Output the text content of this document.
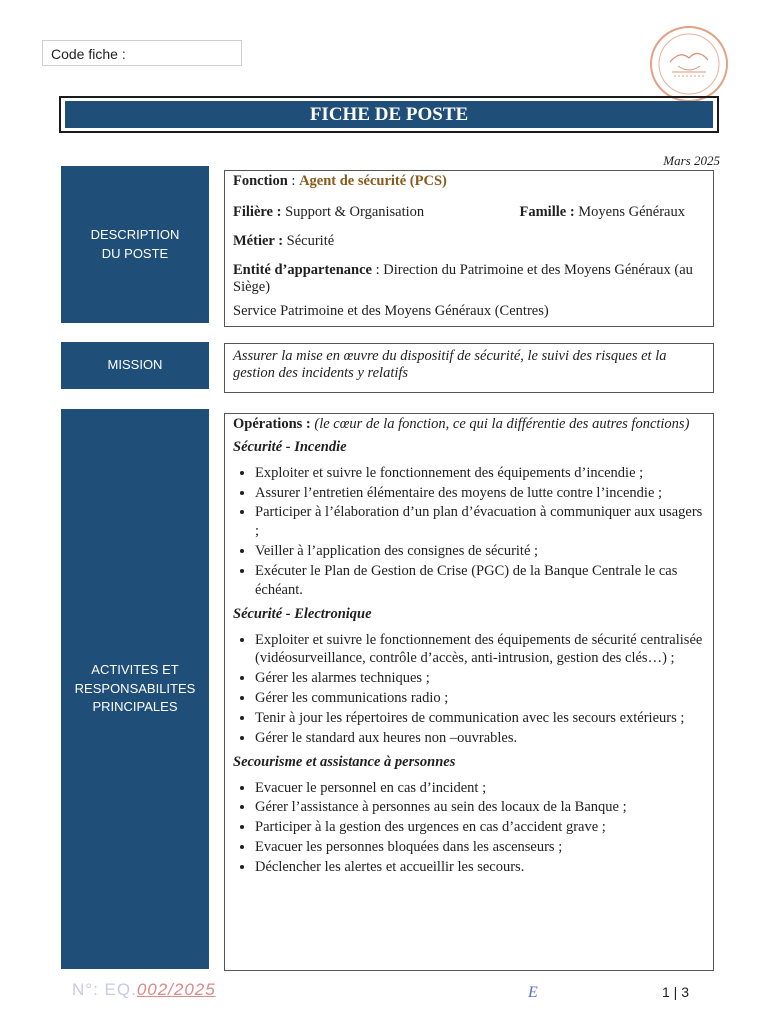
Code fiche :
FICHE DE POSTE
Mars 2025
DESCRIPTION DU POSTE
Fonction : Agent de sécurité (PCS)
Filière : Support & Organisation	Famille : Moyens Généraux
Métier : Sécurité
Entité d’appartenance : Direction du Patrimoine et des Moyens Généraux (au Siège)
Service Patrimoine et des Moyens Généraux (Centres)
MISSION
Assurer la mise en œuvre du dispositif de sécurité, le suivi des risques et la gestion des incidents y relatifs
ACTIVITES ET RESPONSABILITES PRINCIPALES
Opérations : (le cœur de la fonction, ce qui la différentie des autres fonctions)
Sécurité - Incendie
• Exploiter et suivre le fonctionnement des équipements d’incendie ;
• Assurer l’entretien élémentaire des moyens de lutte contre l’incendie ;
• Participer à l’élaboration d’un plan d’évacuation à communiquer aux usagers ;
• Veiller à l’application des consignes de sécurité ;
• Exécuter le Plan de Gestion de Crise (PGC) de la Banque Centrale le cas échéant.
Sécurité - Electronique
• Exploiter et suivre le fonctionnement des équipements de sécurité centralisée (vidéosurveillance, contrôle d’accès, anti-intrusion, gestion des clés…) ;
• Gérer les alarmes techniques ;
• Gérer les communications radio ;
• Tenir à jour les répertoires de communication avec les secours extérieurs ;
• Gérer le standard aux heures non –ouvrables.
Secourisme et assistance à personnes
• Evacuer le personnel en cas d’incident ;
• Gérer l’assistance à personnes au sein des locaux de la Banque ;
• Participer à la gestion des urgences en cas d’accident grave ;
• Evacuer les personnes bloquées dans les ascenseurs ;
• Déclencher les alertes et accueillir les secours.
N°: EQ.002/2025	E	1 | 3
